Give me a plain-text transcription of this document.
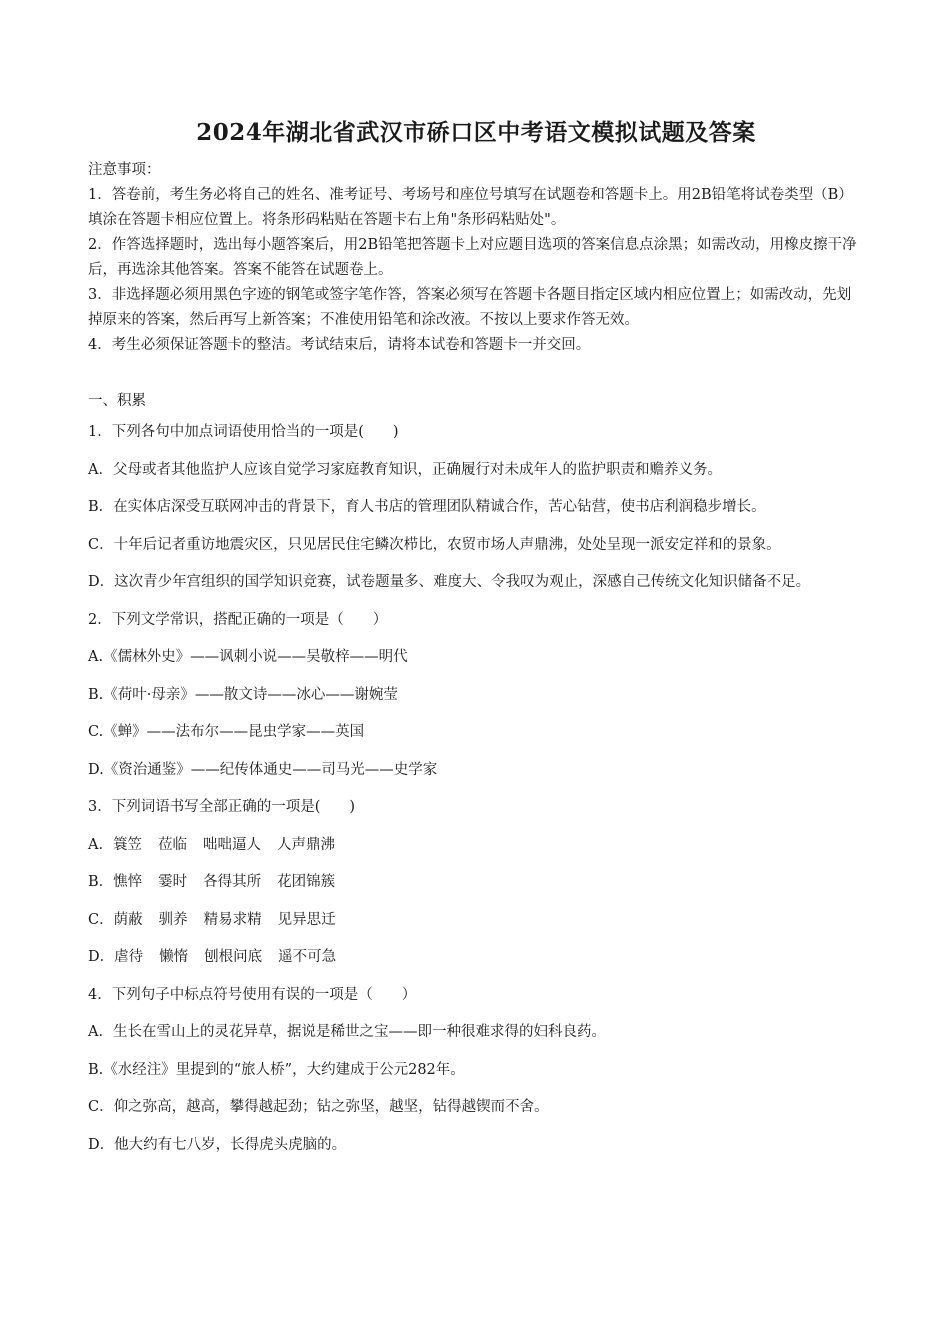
2024年湖北省武汉市硚口区中考语文模拟试题及答案

注意事项：

1．答卷前，考生务必将自己的姓名、准考证号、考场号和座位号填写在试题卷和答题卡上。用2B铅笔将试卷类型（B）填涂在答题卡相应位置上。将条形码粘贴在答题卡右上角"条形码粘贴处"。

2．作答选择题时，选出每小题答案后，用2B铅笔把答题卡上对应题目选项的答案信息点涂黑；如需改动，用橡皮擦干净后，再选涂其他答案。答案不能答在试题卷上。

3．非选择题必须用黑色字迹的钢笔或签字笔作答，答案必须写在答题卡各题目指定区域内相应位置上；如需改动，先划掉原来的答案，然后再写上新答案；不准使用铅笔和涂改液。不按以上要求作答无效。

4．考生必须保证答题卡的整洁。考试结束后，请将本试卷和答题卡一并交回。

一、积累

1．下列各句中加点词语使用恰当的一项是(　　)

A．父母或者其他监护人应该自觉学习家庭教育知识，正确履行对未成年人的监护职责和赡养义务。

B．在实体店深受互联网冲击的背景下，育人书店的管理团队精诚合作，苦心钻营，使书店利润稳步增长。

C．十年后记者重访地震灾区，只见居民住宅鳞次栉比，农贸市场人声鼎沸，处处呈现一派安定祥和的景象。

D．这次青少年宫组织的国学知识竞赛，试卷题量多、难度大、令我叹为观止，深感自己传统文化知识储备不足。

2．下列文学常识，搭配正确的一项是（　　）

A.《儒林外史》——讽刺小说——吴敬梓——明代

B.《荷叶·母亲》——散文诗——冰心——谢婉莹

C.《蝉》——法布尔——昆虫学家——英国

D.《资治通鉴》——纪传体通史——司马光——史学家

3．下列词语书写全部正确的一项是(　　)

A．簑笠 莅临 咄咄逼人 人声鼎沸

B．憔悴 霎时 各得其所 花团锦簇

C．荫蔽 驯养 精易求精 见异思迁

D．虐待 懒惰 刨根问底 遥不可急

4．下列句子中标点符号使用有误的一项是（　　）

A．生长在雪山上的灵花异草，据说是稀世之宝——即一种很难求得的妇科良药。

B.《水经注》里提到的“旅人桥”，大约建成于公元282年。

C．仰之弥高，越高，攀得越起劲；钻之弥坚，越坚，钻得越锲而不舍。

D．他大约有七八岁，长得虎头虎脑的。
